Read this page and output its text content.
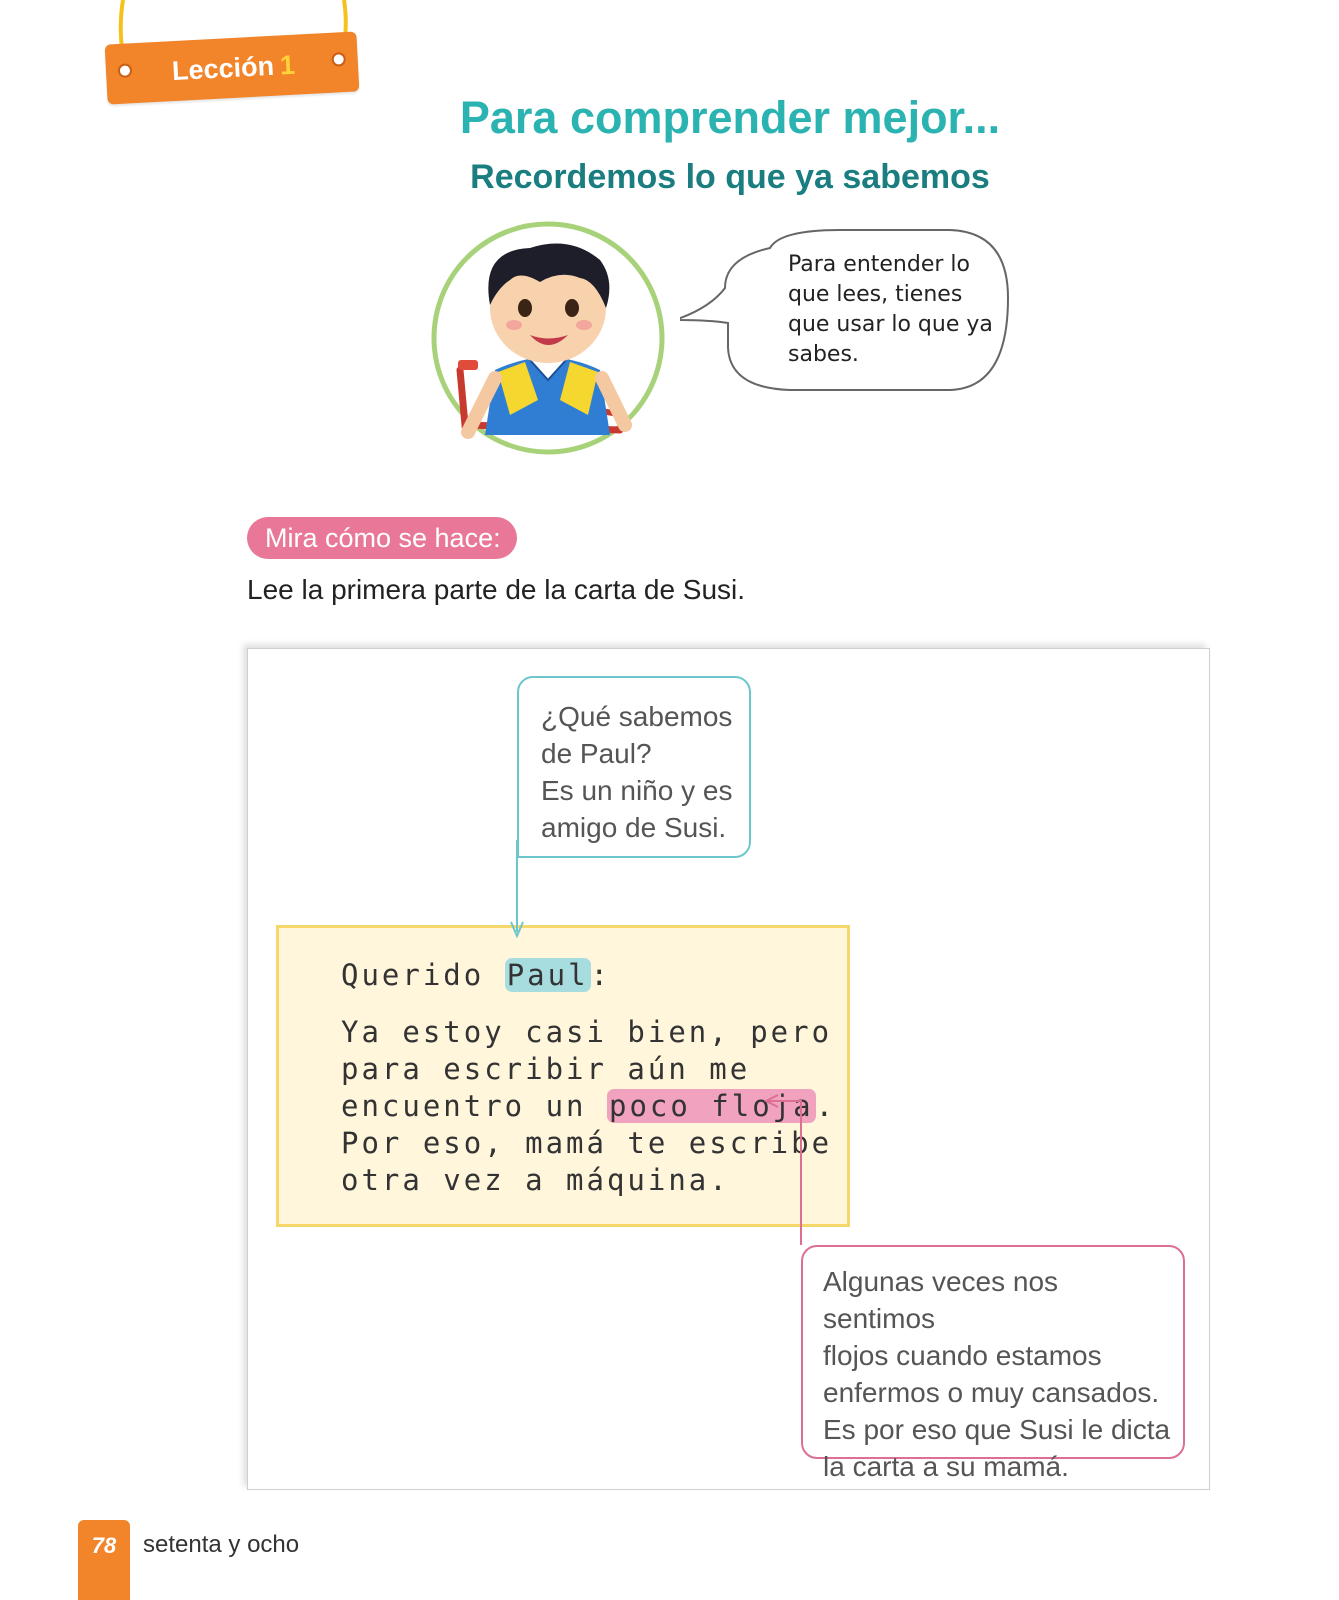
Lección 1
Para comprender mejor...
Recordemos lo que ya sabemos
Para entender lo
que lees, tienes
que usar lo que ya
sabes.
Mira cómo se hace:
Lee la primera parte de la carta de Susi.
Querido Paul:
Ya estoy casi bien, pero
para escribir aún me
encuentro un poco floja.
Por eso, mamá te escribe
otra vez a máquina.
¿Qué sabemos
de Paul?
Es un niño y es
amigo de Susi.
Algunas veces nos sentimos
flojos cuando estamos
enfermos o muy cansados.
Es por eso que Susi le dicta
la carta a su mamá.
78	setenta y ocho
